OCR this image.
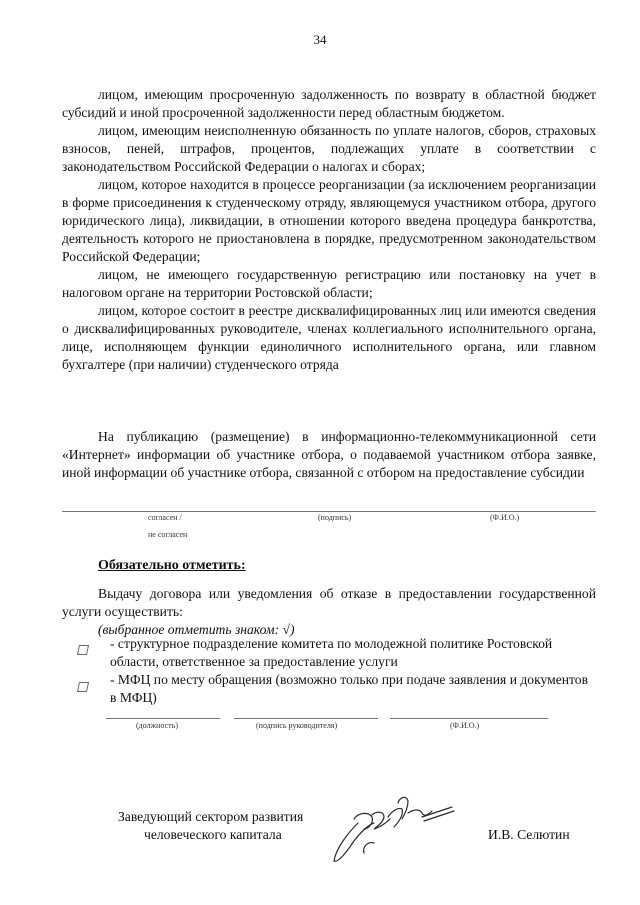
34

лицом, имеющим просроченную задолженность по возврату в областной бюджет субсидий и иной просроченной задолженности перед областным бюджетом.

лицом, имеющим неисполненную обязанность по уплате налогов, сборов, страховых взносов, пеней, штрафов, процентов, подлежащих уплате в соответствии с законодательством Российской Федерации о налогах и сборах;

лицом, которое находится в процессе реорганизации (за исключением реорганизации в форме присоединения к студенческому отряду, являющемуся участником отбора, другого юридического лица), ликвидации, в отношении которого введена процедура банкротства, деятельность которого не приостановлена в порядке, предусмотренном законодательством Российской Федерации;

лицом, не имеющего государственную регистрацию или постановку на учет в налоговом органе на территории Ростовской области;

лицом, которое состоит в реестре дисквалифицированных лиц или имеются сведения о дисквалифицированных руководителе, членах коллегиального исполнительного органа, лице, исполняющем функции единоличного исполнительного органа, или главном бухгалтере (при наличии) студенческого отряда

На публикацию (размещение) в информационно-телекоммуникационной сети «Интернет» информации об участнике отбора, о подаваемой участником отбора заявке, иной информации об участнике отбора, связанной с отбором на предоставление субсидии

согласен /	(подпись)	(Ф.И.О.)
не согласен
Обязательно отметить:

Выдачу договора или уведомления об отказе в предоставлении государственной услуги осуществить:

(выбранное отметить знаком: √)

- структурное подразделение комитета по молодежной политике Ростовской области, ответственное за предоставление услуги
- МФЦ по месту обращения (возможно только при подаче заявления и документов в МФЦ)
(должность)	(подпись руководителя)	(Ф.И.О.)
Заведующий сектором развития
человеческого капитала	И.В. Селютин
